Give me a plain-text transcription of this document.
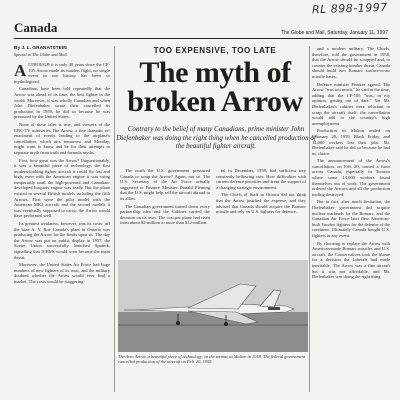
RL 898-1997
Canada	The Globe and Mail, Saturday, January 11, 1997
By J. L. GRANATSTEIN
Special to The Globe and Mail	TOO EXPENSIVE, TOO LATE
The myth of broken Arrow
Contrary to the belief of many Canadians, prime minister John Diefenbaker was doing the right thing when he cancelled production of the beautiful fighter aircraft.

ALTHOUGH it is only 40 years since the CF-105 Arrow made its maiden flight, no single event in our history has been so mythologized.

Canadians have been told repeatedly that the Arrow was ahead of its time, the best fighter in the world. Moreover, it was wholly Canadian and when John Diefenbaker wrote their cancelled its production in 1959, he did so because he was pressured by the United States.

None of these tales is true, and viewers of the CBC-TV miniseries The Arrow, a fine dramatic re-enactment of events leading to the airplane's cancellation, which airs tomorrow and Monday, might want to know and be for their attempts to separate myth from truth and formula myths.

First, how great was the Arrow? Unquestionably, it was a beautiful piece of technology, the first modern-looking fighter aircraft it could fly fast and high, even with the American engine it was using temporarily until the high-powered and Canadian-developed Iroquois engine was ready. But the plane existed in several British models including the fifth Arrows. First were the pilot model with the American MK2 aircraft, and the second models it was eventually supposed to carry; the Arrow would have performed well.

Its greatest weakness, however, was its costs: off the base A. V. Roe Canada's plant in Ontario was producing the Arrow for the limits upon us. The day the Arrow was put on public display in 1957, the Soviet Union successfully launched Sputnik, signalling that ICBMs would soon become the main threat.

Moreover, the United States Air Force had huge numbers of new fighters of its own, and the military doubted whether the Arrow would ever find a market. The costs would be staggering.

The north the U.S. government pressured Canada to scrap the Arrow? Again, not so. The U.S. Secretary of the Air Force actually suggested to Finance Minister Donald Fleming that the U.S. might help sell the aircraft abroad to its allies.

The Canadian government turned down every partnership idea and the Cabinet carried the decision on its own. The cost per plane had risen from about $2-million to more than $12-million.

tal in December, 1958, had sufficient tory constantly bellowing cuts. How difficulties with current defence priorities and from the support of a changing strategic environment.

The Chiefs of Staff in Ottawa did not think that the Arrow justified the expense, and they advised that Canada should acquire the Bomarc missile and rely on U.S. fighters for defence.

and a modern military. The Chiefs, therefore, told the government in 1958, that the Arrow should be scrapped and, to counter the existing bomber threat, Canada should build two Bomarc surface-to-air missile bases.

Defence minister Pearkes agreed. The Arrow "was too much," he said at the time, adding that the CF-105 "was, in my opinion, getting out of date." Yet Mr. Diefenbaker's cabinet were reluctant to scrap the aircraft itself: the cancellation would add to the country's high unemployment.

Production in Malton ended on February 20, 1959, Black Friday, and 14,000 workers lost their jobs. Mr. Diefenbaker said he did so because he had no choice.

The announcement of the Arrow's cancellation, on Feb. 20, caused a furor across Canada, especially in Toronto where some 14,000 workers found themselves out of work. The government ordered the Arrows and all the production tooling destroyed.

But in fact, after much hesitation, the Diefenbaker government did acquire nuclear warheads for the Bomarc, and the Canadian Air Force later flew American-built Voodoo fighters for the defence of the continent. Ultimately Canada bought U.S. fighters in any event.

By choosing to replace the Arrow with American-made Bomarc missiles and U.S. aircraft, the Conservatives took the blame for a decision the Liberals had made inevitable. The Arrow was a fine aircraft but it was not affordable, and Mr. Diefenbaker was doing the right thing.

The Avro Arrow, a beautiful piece of technology, on the tarmac at Malton in 1958. The federal government cancelled production of the aircraft on Feb. 20, 1959.
